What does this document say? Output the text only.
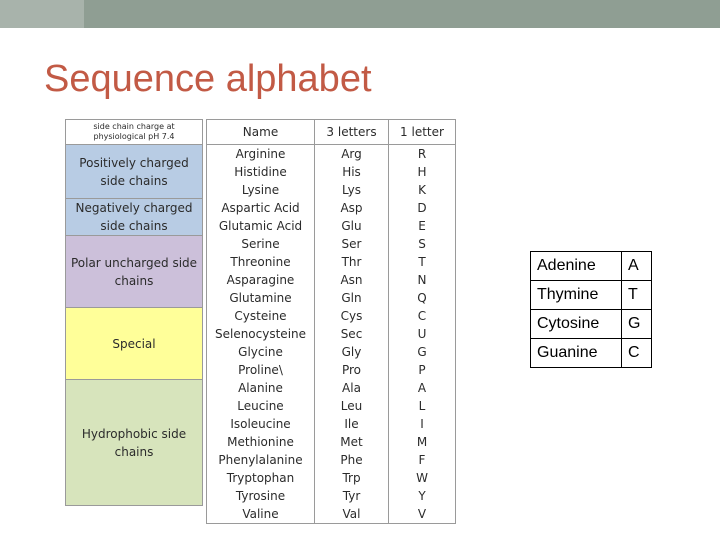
Sequence alphabet
side chain charge at physiological pH 7.4
Positively charged side chains
Negatively charged side chains
Polar uncharged side chains
Special
Hydrophobic side chains
Name	3 letters	1 letter
Arginine	Arg	R
Histidine	His	H
Lysine	Lys	K
Aspartic Acid	Asp	D
Glutamic Acid	Glu	E
Serine	Ser	S
Threonine	Thr	T
Asparagine	Asn	N
Glutamine	Gln	Q
Cysteine	Cys	C
Selenocysteine	Sec	U
Glycine	Gly	G
Proline\	Pro	P
Alanine	Ala	A
Leucine	Leu	L
Isoleucine	Ile	I
Methionine	Met	M
Phenylalanine	Phe	F
Tryptophan	Trp	W
Tyrosine	Tyr	Y
Valine	Val	V
Adenine	A
Thymine	T
Cytosine	G
Guanine	C
